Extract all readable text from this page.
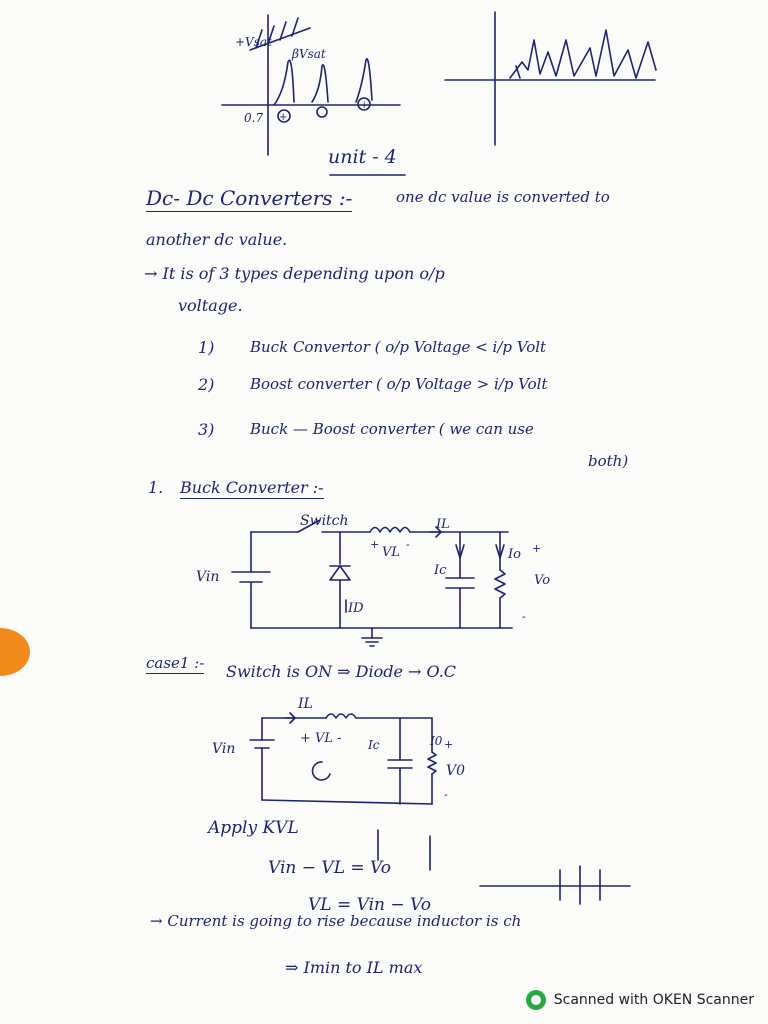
+Vsat
βVsat
0.7 +
+
Switch	IL
VL
+ -
Ic
Io
Vo
+
-
ID
Vin
IL
+ VL - Ic	I0
V0
Vin	+
-
unit - 4
Dc- Dc Converters :-	one dc value is converted to
another dc value.
→ It is of 3 types depending upon o/p
voltage.
1) Buck Convertor ( o/p Voltage < i/p Volt
2) Boost converter ( o/p Voltage > i/p Volt
3) Buck — Boost converter ( we can use
both)
1. Buck Converter :-
case1 :- Switch is ON ⇒ Diode → O.C
Apply KVL
Vin − VL = Vo
VL = Vin − Vo
→ Current is going to rise because inductor is ch
⇒ Imin to IL max
Scanned with OKEN Scanner
